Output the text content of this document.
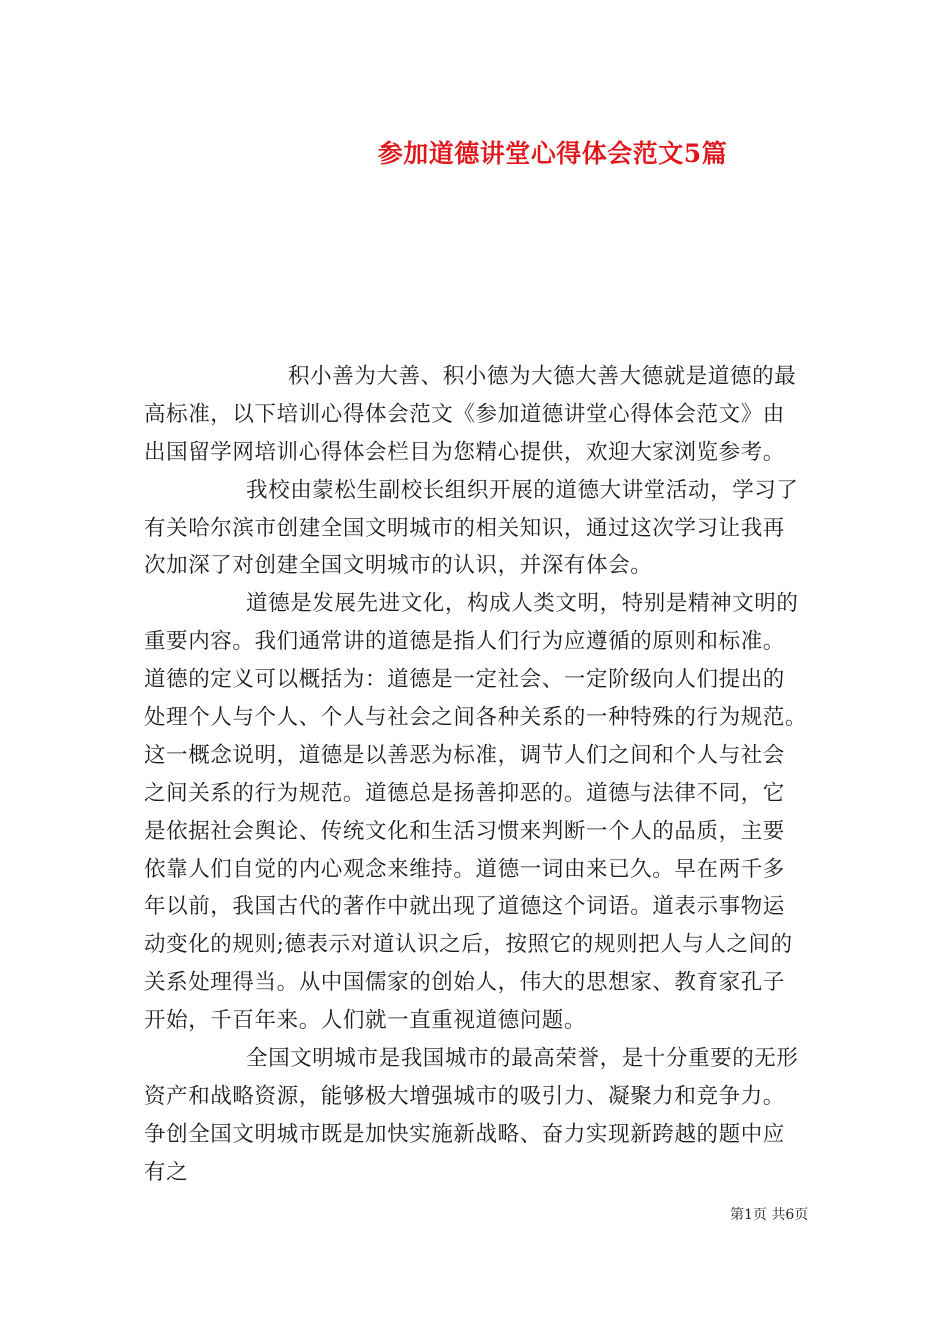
参加道德讲堂心得体会范文5篇
积小善为大善、积小德为大德大善大德就是道德的最
高标准，以下培训心得体会范文《参加道德讲堂心得体会范文》由
出国留学网培训心得体会栏目为您精心提供，欢迎大家浏览参考。
我校由蒙松生副校长组织开展的道德大讲堂活动，学习了
有关哈尔滨市创建全国文明城市的相关知识，通过这次学习让我再
次加深了对创建全国文明城市的认识，并深有体会。
道德是发展先进文化，构成人类文明，特别是精神文明的
重要内容。我们通常讲的道德是指人们行为应遵循的原则和标准。
道德的定义可以概括为：道德是一定社会、一定阶级向人们提出的
处理个人与个人、个人与社会之间各种关系的一种特殊的行为规范。
这一概念说明，道德是以善恶为标准，调节人们之间和个人与社会
之间关系的行为规范。道德总是扬善抑恶的。道德与法律不同，它
是依据社会舆论、传统文化和生活习惯来判断一个人的品质，主要
依靠人们自觉的内心观念来维持。道德一词由来已久。早在两千多
年以前，我国古代的著作中就出现了道德这个词语。道表示事物运
动变化的规则;德表示对道认识之后，按照它的规则把人与人之间的
关系处理得当。从中国儒家的创始人，伟大的思想家、教育家孔子
开始，千百年来。人们就一直重视道德问题。
全国文明城市是我国城市的最高荣誉，是十分重要的无形
资产和战略资源，能够极大增强城市的吸引力、凝聚力和竞争力。
争创全国文明城市既是加快实施新战略、奋力实现新跨越的题中应
有之
第1页 共6页
